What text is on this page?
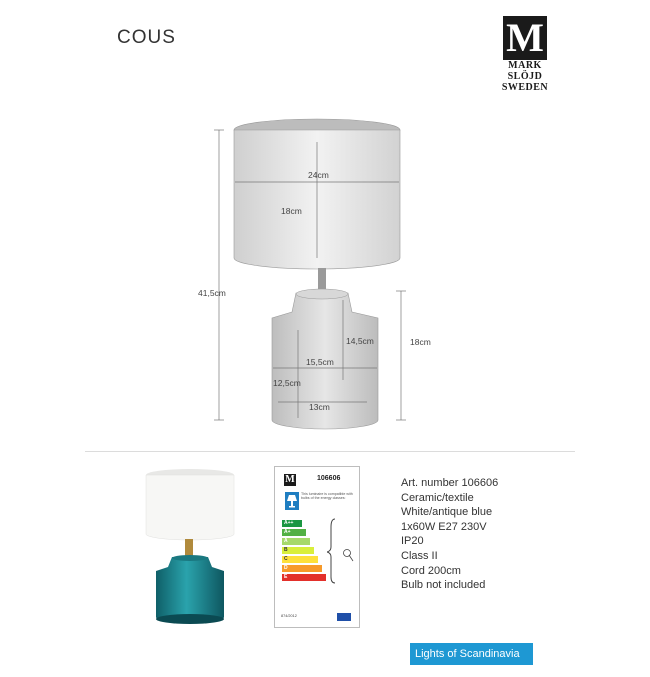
COUS	M
MARK
SLÖJD
SWEDEN
41,5cm
24cm
18cm
18cm
14,5cm
15,5cm
12,5cm
13cm
M	106606
This luminaire is compatible with bulbs of the energy classes:
A++
A+
A
B
C
D
E
874/2012
Art. number 106606
Ceramic/textile
White/antique blue
1x60W E27 230V
IP20
Class II
Cord 200cm
Bulb not included
Lights of Scandinavia
